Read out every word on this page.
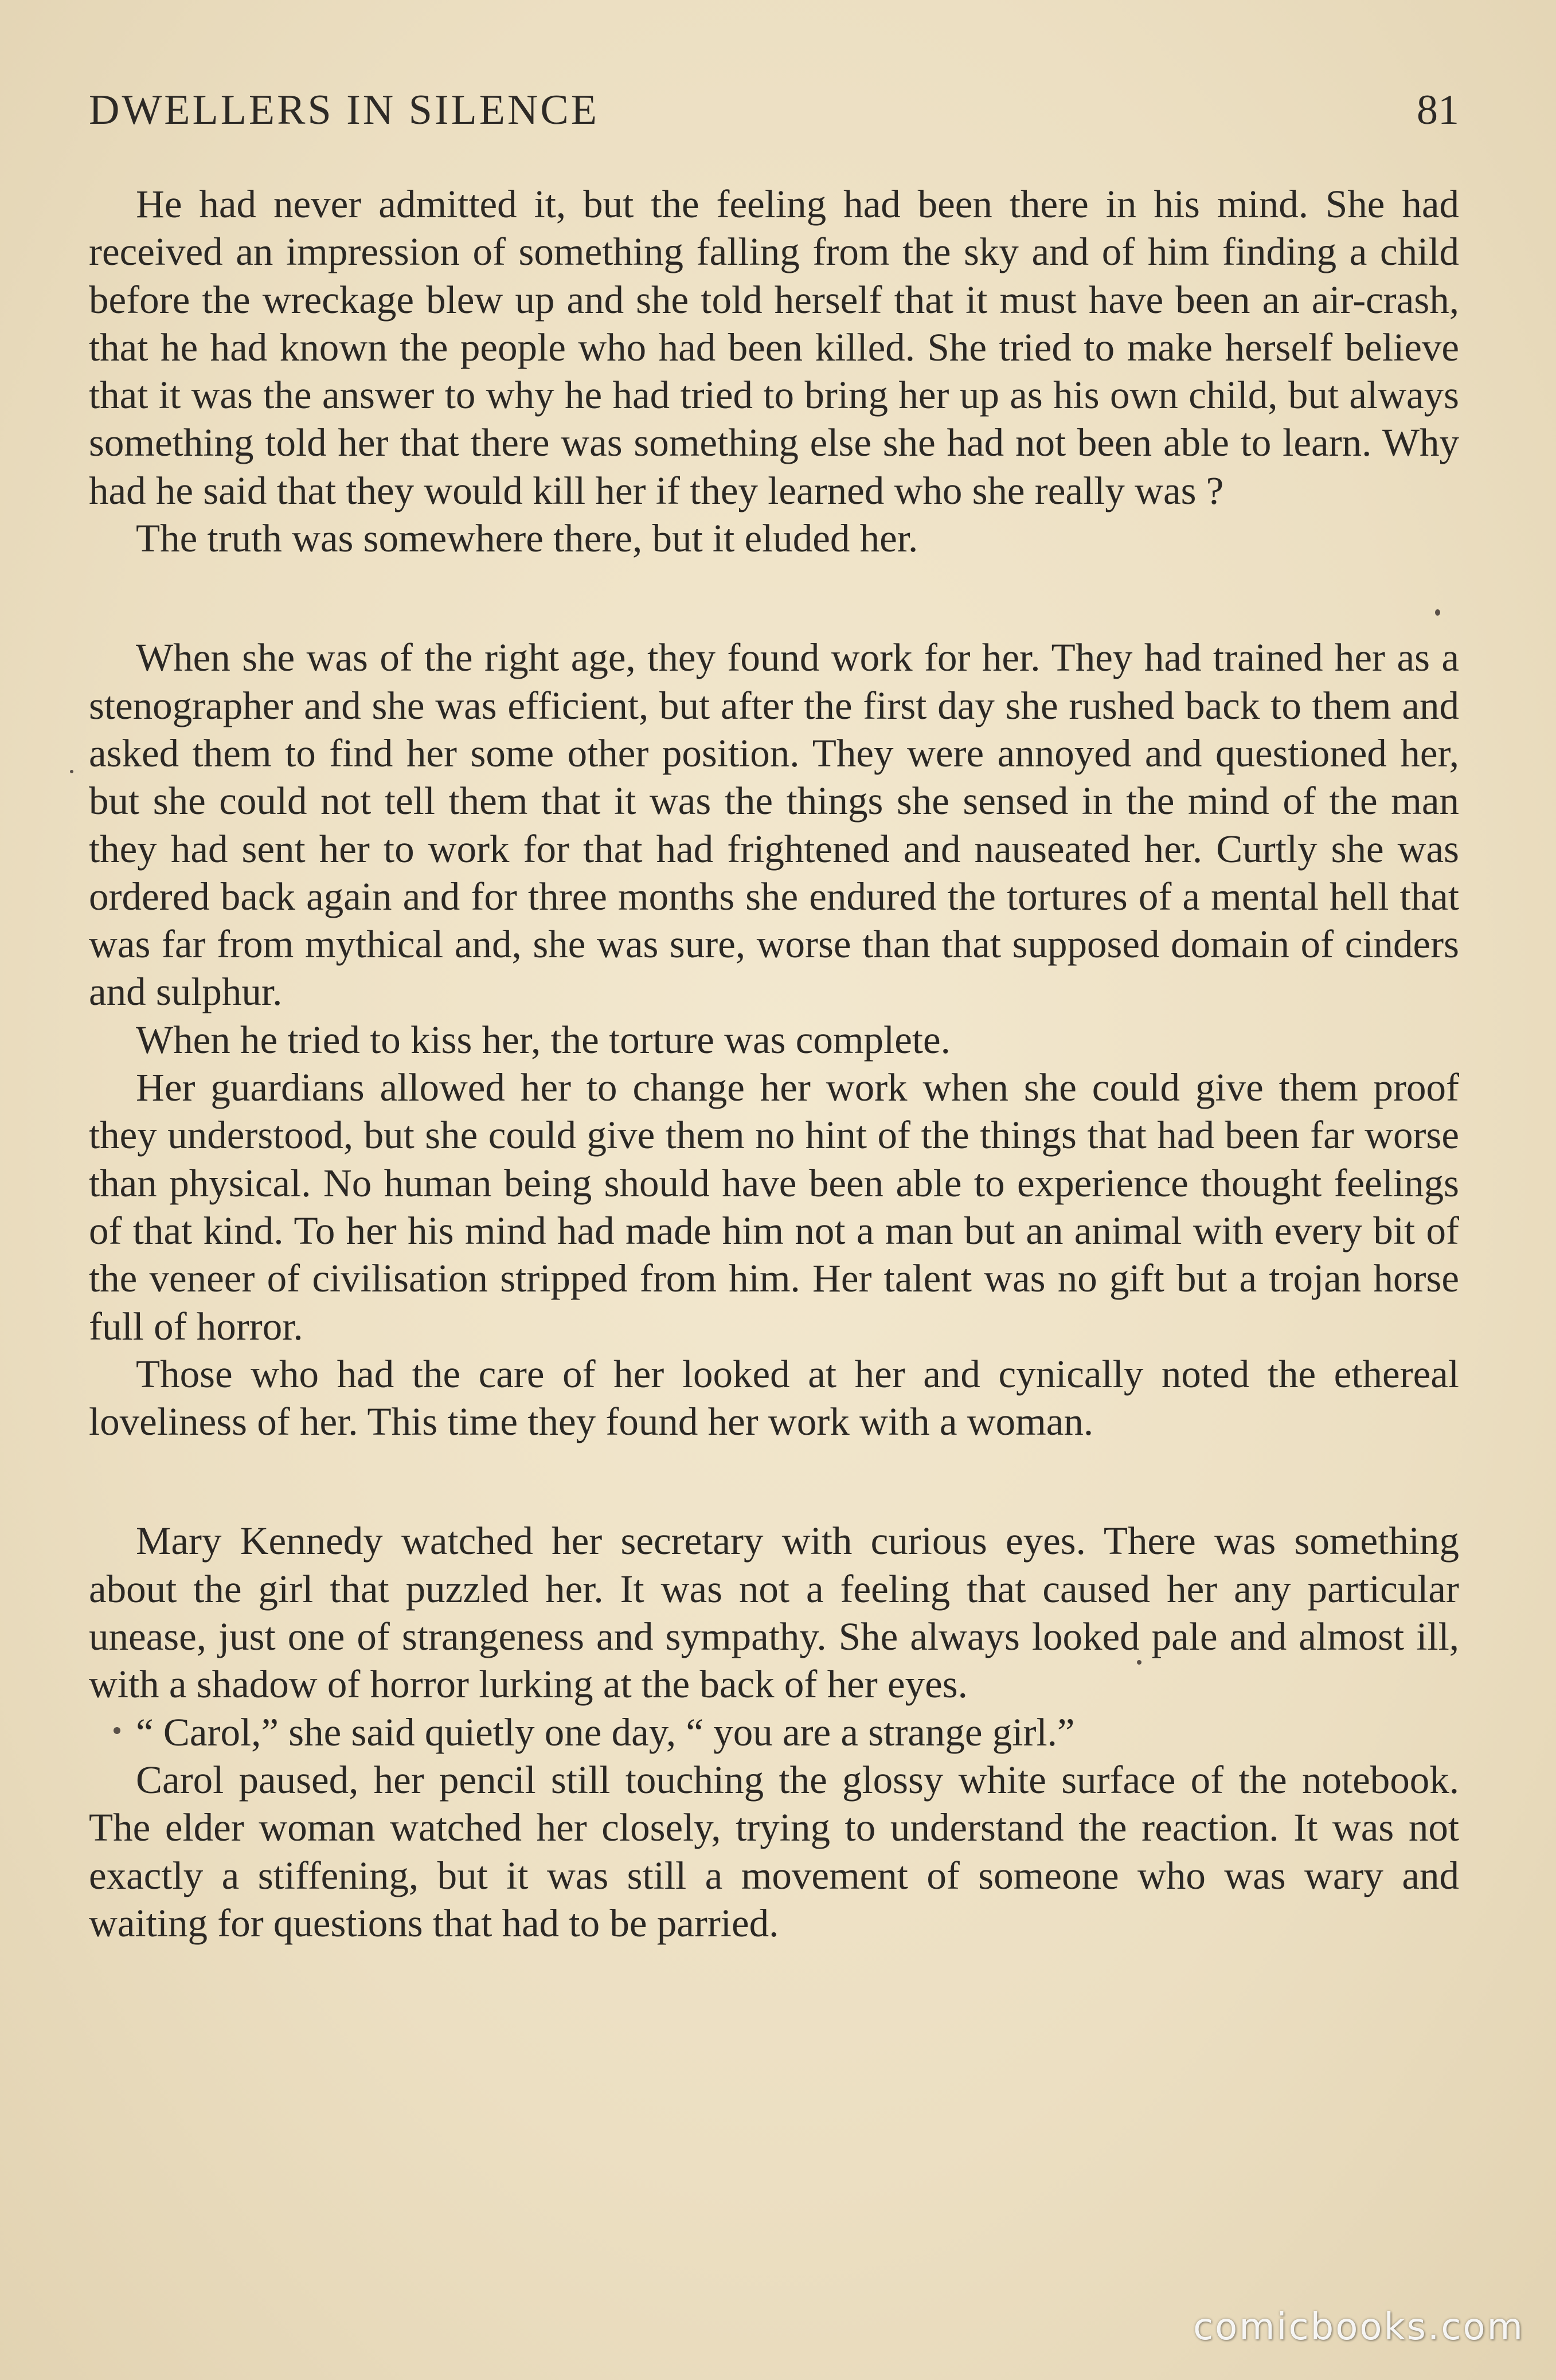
DWELLERS IN SILENCE	81

He had never admitted it, but the feeling had been there in his mind. She had received an impression of something falling from the sky and of him finding a child before the wreckage blew up and she told herself that it must have been an air-crash, that he had known the people who had been killed. She tried to make herself believe that it was the answer to why he had tried to bring her up as his own child, but always something told her that there was something else she had not been able to learn. Why had he said that they would kill her if they learned who she really was ?

The truth was somewhere there, but it eluded her.

When she was of the right age, they found work for her. They had trained her as a stenographer and she was efficient, but after the first day she rushed back to them and asked them to find her some other position. They were annoyed and questioned her, but she could not tell them that it was the things she sensed in the mind of the man they had sent her to work for that had frightened and nauseated her. Curtly she was ordered back again and for three months she endured the tortures of a mental hell that was far from mythical and, she was sure, worse than that supposed domain of cinders and sulphur.

When he tried to kiss her, the torture was complete.

Her guardians allowed her to change her work when she could give them proof they understood, but she could give them no hint of the things that had been far worse than physical. No human being should have been able to experience thought feelings of that kind. To her his mind had made him not a man but an animal with every bit of the veneer of civilisation stripped from him. Her talent was no gift but a trojan horse full of horror.

Those who had the care of her looked at her and cynically noted the ethereal loveliness of her. This time they found her work with a woman.

Mary Kennedy watched her secretary with curious eyes. There was something about the girl that puzzled her. It was not a feeling that caused her any particular unease, just one of strangeness and sympathy. She always looked pale and almost ill, with a shadow of horror lurking at the back of her eyes.

“ Carol,” she said quietly one day, “ you are a strange girl.”

Carol paused, her pencil still touching the glossy white surface of the notebook. The elder woman watched her closely, trying to understand the reaction. It was not exactly a stiffening, but it was still a movement of someone who was wary and waiting for questions that had to be parried.

comicbooks.com
